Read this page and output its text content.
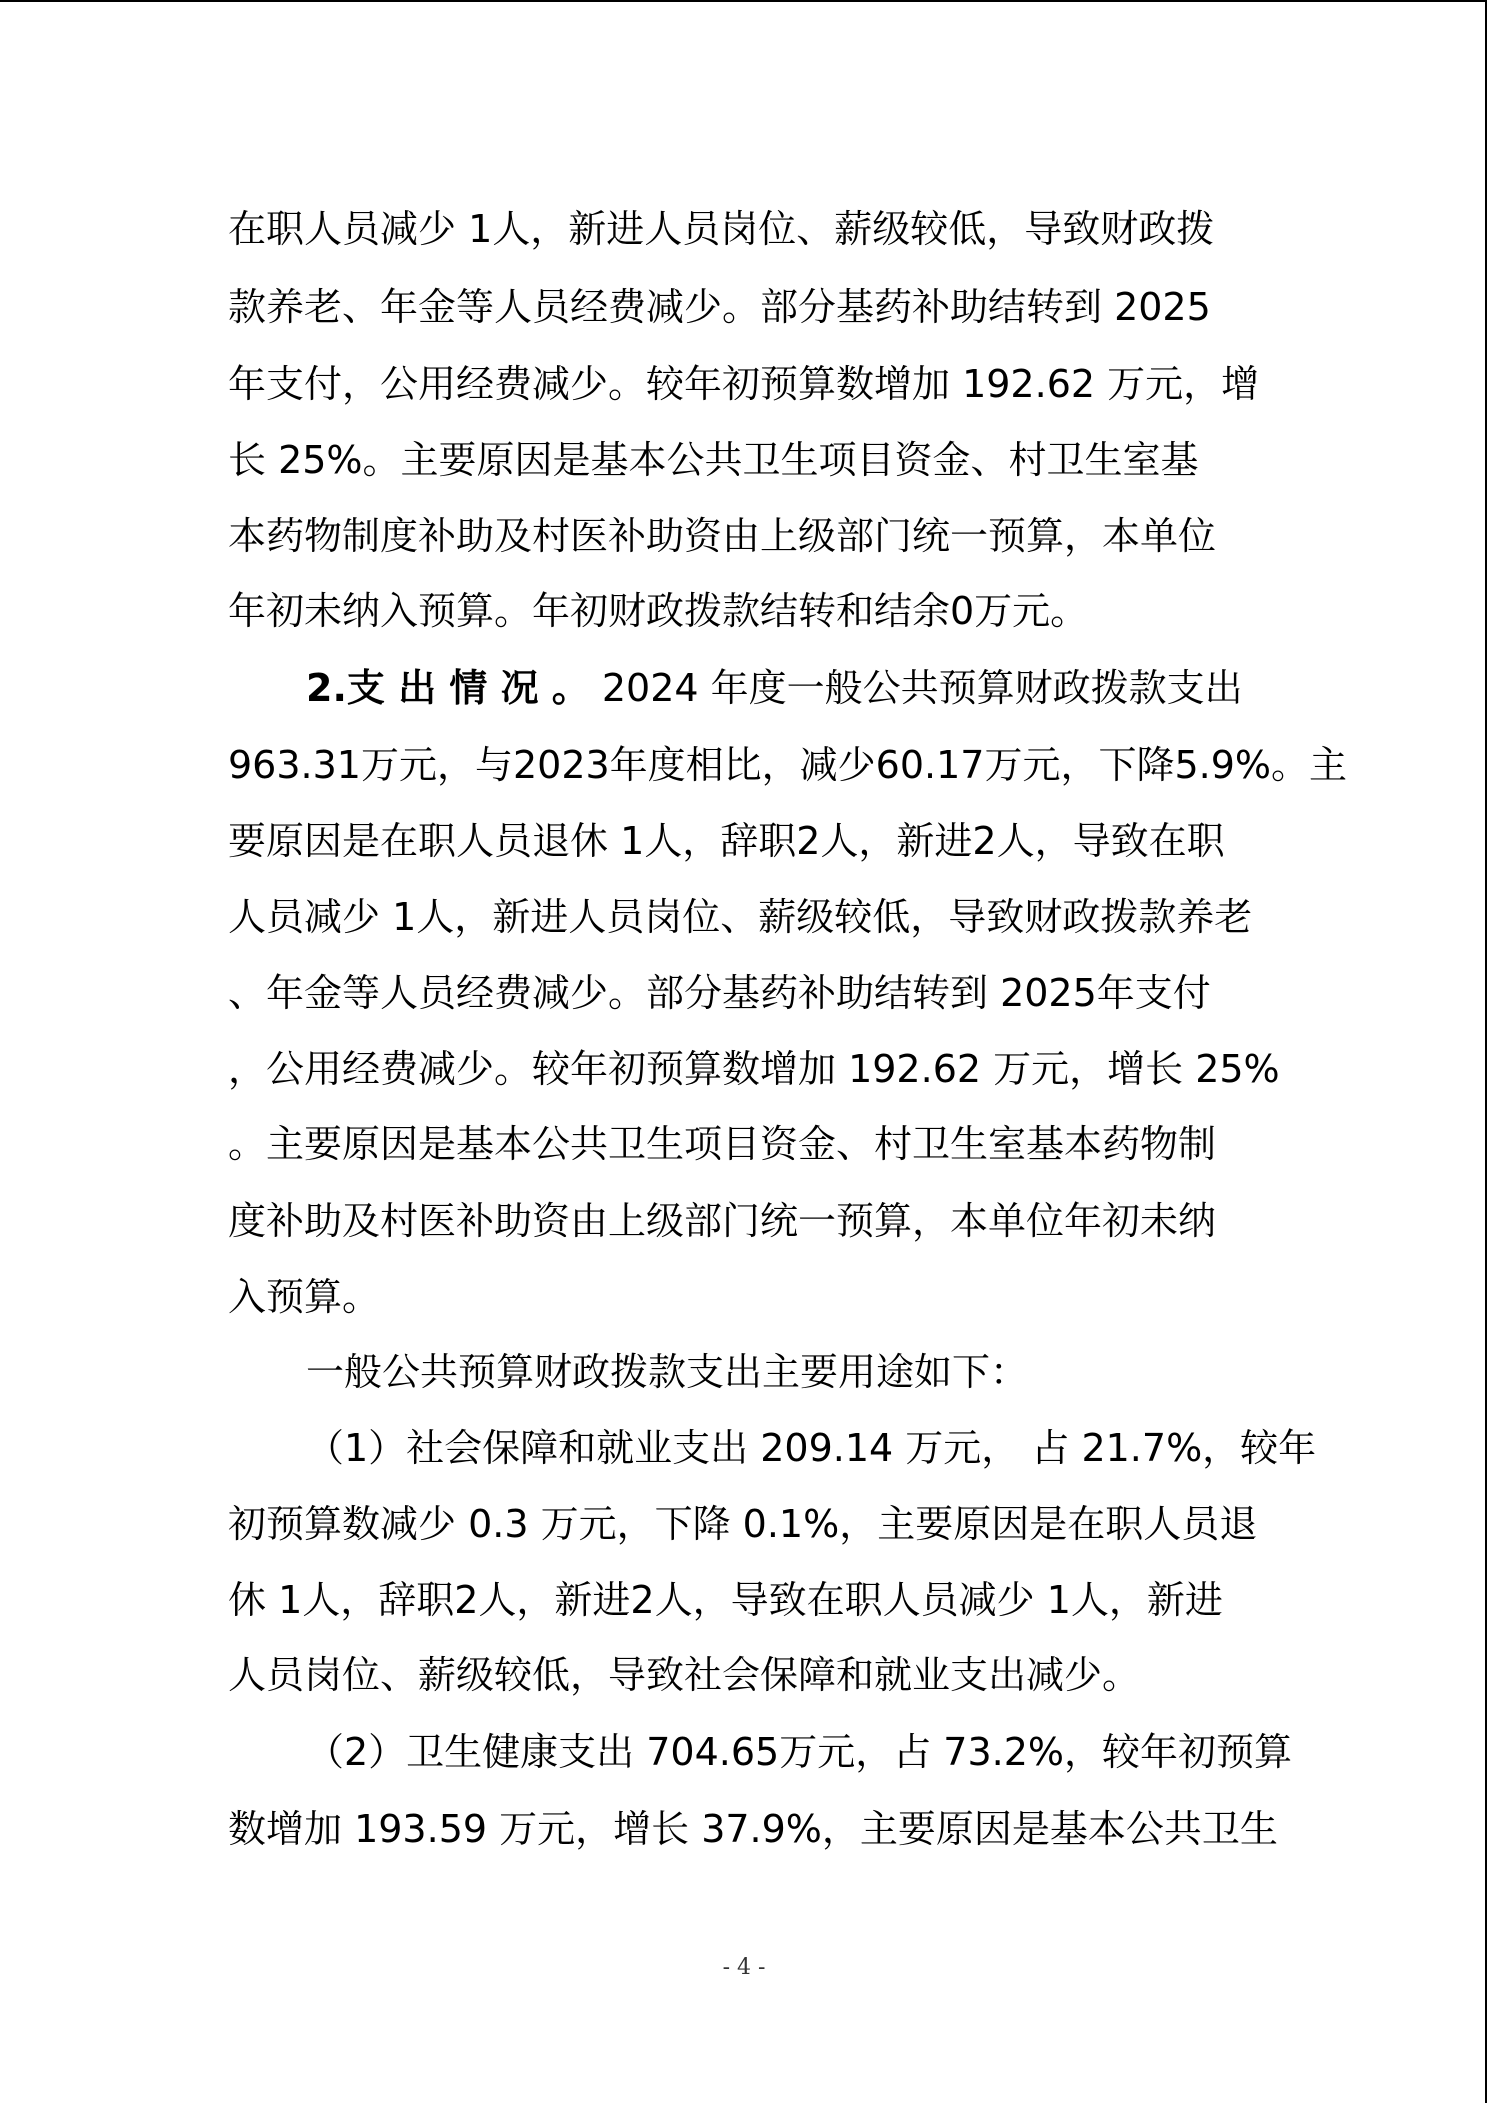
在职人员减少 1人，新进人员岗位、薪级较低，导致财政拨
款养老、年金等人员经费减少。部分基药补助结转到 2025
年支付，公用经费减少。较年初预算数增加 192.62 万元，增
长 25%。主要原因是基本公共卫生项目资金、村卫生室基
本药物制度补助及村医补助资由上级部门统一预算，本单位
年初未纳入预算。年初财政拨款结转和结余0万元。
2.支 出 情 况 。 2024 年度一般公共预算财政拨款支出
963.31万元，与2023年度相比，减少60.17万元，下降5.9%。主
要原因是在职人员退休 1人，辞职2人，新进2人，导致在职
人员减少 1人，新进人员岗位、薪级较低，导致财政拨款养老
、年金等人员经费减少。部分基药补助结转到 2025年支付
，公用经费减少。较年初预算数增加 192.62 万元，增长 25%
。主要原因是基本公共卫生项目资金、村卫生室基本药物制
度补助及村医补助资由上级部门统一预算，本单位年初未纳
入预算。
一般公共预算财政拨款支出主要用途如下：
（1）社会保障和就业支出 209.14 万元， 占 21.7%，较年
初预算数减少 0.3 万元，下降 0.1%，主要原因是在职人员退
休 1人，辞职2人，新进2人，导致在职人员减少 1人，新进
人员岗位、薪级较低，导致社会保障和就业支出减少。
（2）卫生健康支出 704.65万元，占 73.2%，较年初预算
数增加 193.59 万元，增长 37.9%，主要原因是基本公共卫生
- 4 -
